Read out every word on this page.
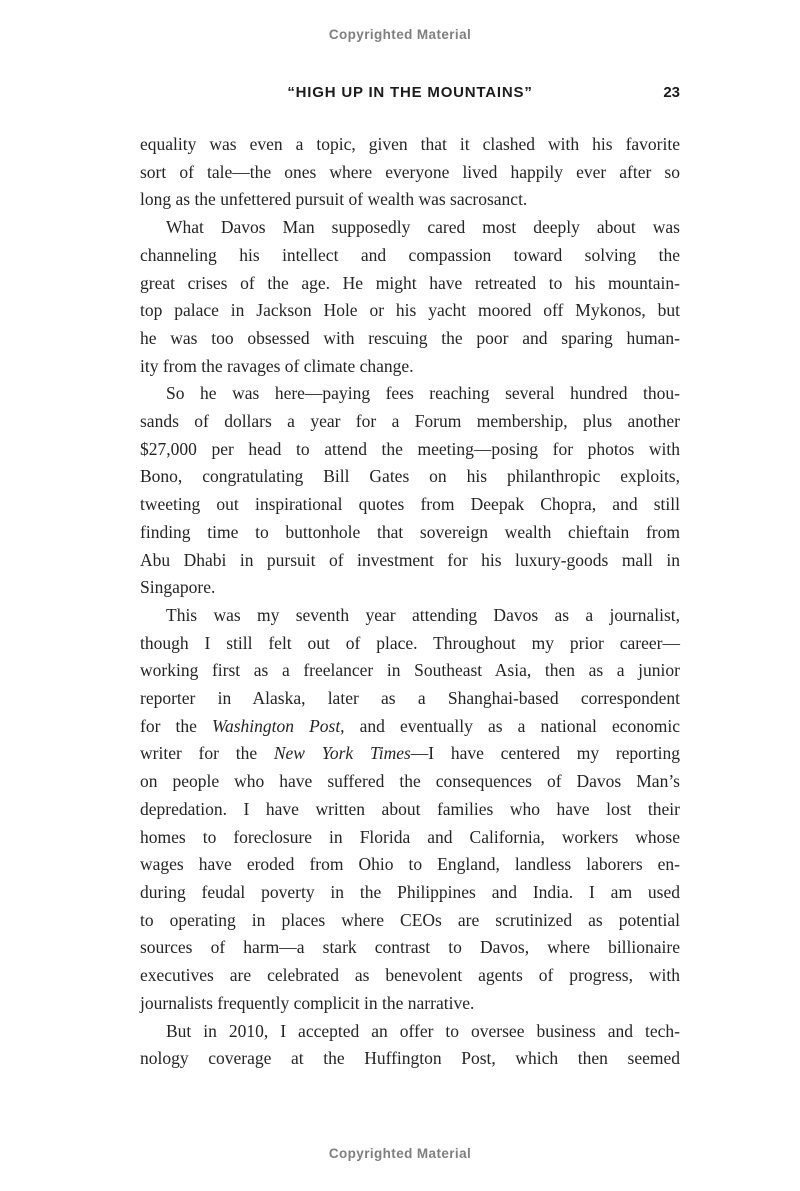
Copyrighted Material
“HIGH UP IN THE MOUNTAINS”	23
equality was even a topic, given that it clashed with his favorite
sort of tale—the ones where everyone lived happily ever after so
long as the unfettered pursuit of wealth was sacrosanct.
What Davos Man supposedly cared most deeply about was
channeling his intellect and compassion toward solving the
great crises of the age. He might have retreated to his mountain-
top palace in Jackson Hole or his yacht moored off Mykonos, but
he was too obsessed with rescuing the poor and sparing human-
ity from the ravages of climate change.
So he was here—paying fees reaching several hundred thou-
sands of dollars a year for a Forum membership, plus another
$27,000 per head to attend the meeting—posing for photos with
Bono, congratulating Bill Gates on his philanthropic exploits,
tweeting out inspirational quotes from Deepak Chopra, and still
finding time to buttonhole that sovereign wealth chieftain from
Abu Dhabi in pursuit of investment for his luxury-goods mall in
Singapore.
This was my seventh year attending Davos as a journalist,
though I still felt out of place. Throughout my prior career—
working first as a freelancer in Southeast Asia, then as a junior
reporter in Alaska, later as a Shanghai-based correspondent
for the Washington Post, and eventually as a national economic
writer for the New York Times—I have centered my reporting
on people who have suffered the consequences of Davos Man’s
depredation. I have written about families who have lost their
homes to foreclosure in Florida and California, workers whose
wages have eroded from Ohio to England, landless laborers en-
during feudal poverty in the Philippines and India. I am used
to operating in places where CEOs are scrutinized as potential
sources of harm—a stark contrast to Davos, where billionaire
executives are celebrated as benevolent agents of progress, with
journalists frequently complicit in the narrative.
But in 2010, I accepted an offer to oversee business and tech-
nology coverage at the Huffington Post, which then seemed
Copyrighted Material
